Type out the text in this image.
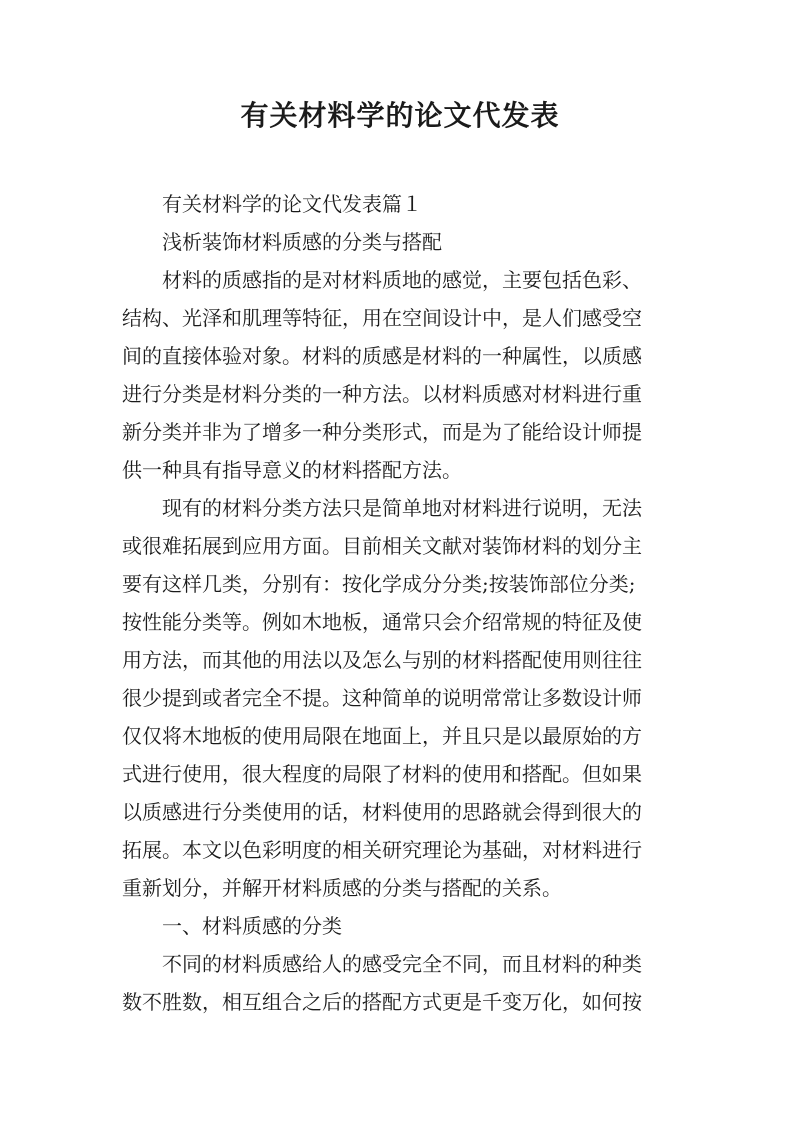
有关材料学的论文代发表
有关材料学的论文代发表篇１
浅析装饰材料质感的分类与搭配
材料的质感指的是对材料质地的感觉，主要包括色彩、
结构、光泽和肌理等特征，用在空间设计中，是人们感受空
间的直接体验对象。材料的质感是材料的一种属性，以质感
进行分类是材料分类的一种方法。以材料质感对材料进行重
新分类并非为了增多一种分类形式，而是为了能给设计师提
供一种具有指导意义的材料搭配方法。
现有的材料分类方法只是简单地对材料进行说明，无法
或很难拓展到应用方面。目前相关文献对装饰材料的划分主
要有这样几类，分别有：按化学成分分类;按装饰部位分类;
按性能分类等。例如木地板，通常只会介绍常规的特征及使
用方法，而其他的用法以及怎么与别的材料搭配使用则往往
很少提到或者完全不提。这种简单的说明常常让多数设计师
仅仅将木地板的使用局限在地面上，并且只是以最原始的方
式进行使用，很大程度的局限了材料的使用和搭配。但如果
以质感进行分类使用的话，材料使用的思路就会得到很大的
拓展。本文以色彩明度的相关研究理论为基础，对材料进行
重新划分，并解开材料质感的分类与搭配的关系。
一、材料质感的分类
不同的材料质感给人的感受完全不同，而且材料的种类
数不胜数，相互组合之后的搭配方式更是千变万化，如何按
